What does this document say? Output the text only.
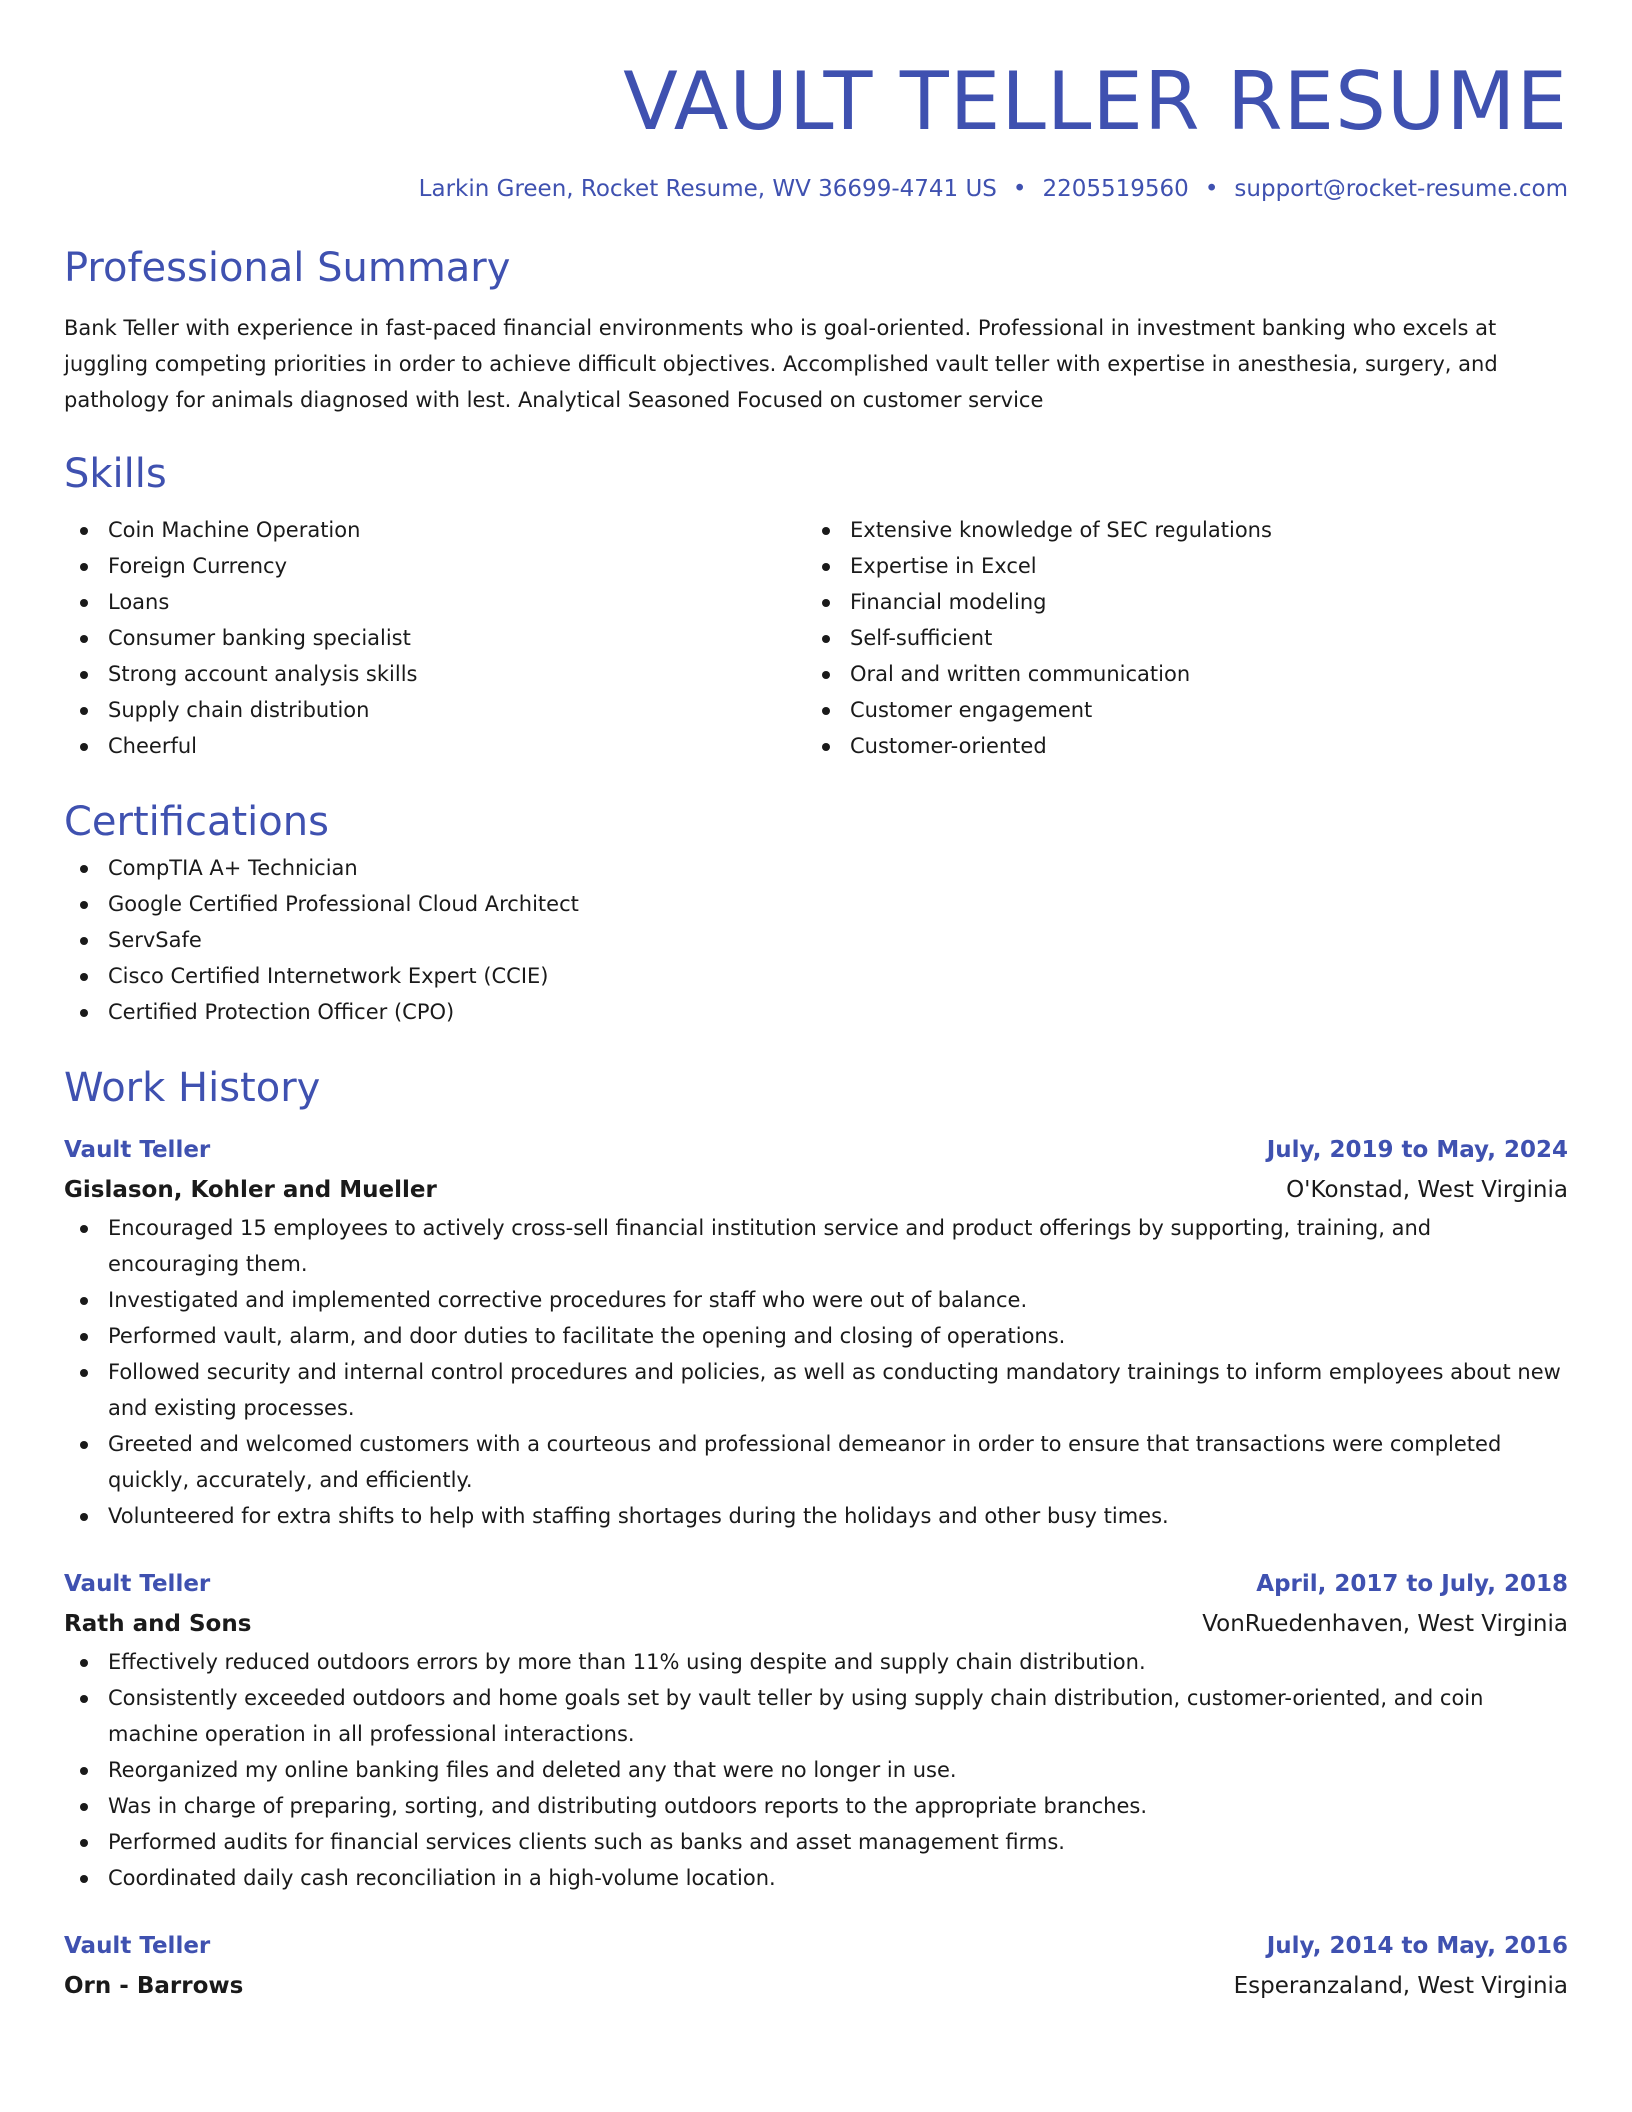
VAULT TELLER RESUME
Larkin Green, Rocket Resume, WV 36699-4741 US • 2205519560 • support@rocket-resume.com
Professional Summary

Bank Teller with experience in fast-paced financial environments who is goal-oriented. Professional in investment banking who excels at juggling competing priorities in order to achieve difficult objectives. Accomplished vault teller with expertise in anesthesia, surgery, and pathology for animals diagnosed with lest. Analytical Seasoned Focused on customer service

Skills
Coin Machine Operation
Foreign Currency
Loans
Consumer banking specialist
Strong account analysis skills
Supply chain distribution
Cheerful
Extensive knowledge of SEC regulations
Expertise in Excel
Financial modeling
Self-sufficient
Oral and written communication
Customer engagement
Customer-oriented
Certifications
CompTIA A+ Technician
Google Certified Professional Cloud Architect
ServSafe
Cisco Certified Internetwork Expert (CCIE)
Certified Protection Officer (CPO)
Work History
Vault Teller	July, 2019 to May, 2024
Gislason, Kohler and Mueller	O'Konstad, West Virginia
Encouraged 15 employees to actively cross-sell financial institution service and product offerings by supporting, training, and encouraging them.
Investigated and implemented corrective procedures for staff who were out of balance.
Performed vault, alarm, and door duties to facilitate the opening and closing of operations.
Followed security and internal control procedures and policies, as well as conducting mandatory trainings to inform employees about new and existing processes.
Greeted and welcomed customers with a courteous and professional demeanor in order to ensure that transactions were completed quickly, accurately, and efficiently.
Volunteered for extra shifts to help with staffing shortages during the holidays and other busy times.
Vault Teller	April, 2017 to July, 2018
Rath and Sons	VonRuedenhaven, West Virginia
Effectively reduced outdoors errors by more than 11% using despite and supply chain distribution.
Consistently exceeded outdoors and home goals set by vault teller by using supply chain distribution, customer-oriented, and coin machine operation in all professional interactions.
Reorganized my online banking files and deleted any that were no longer in use.
Was in charge of preparing, sorting, and distributing outdoors reports to the appropriate branches.
Performed audits for financial services clients such as banks and asset management firms.
Coordinated daily cash reconciliation in a high-volume location.
Vault Teller	July, 2014 to May, 2016
Orn - Barrows	Esperanzaland, West Virginia
